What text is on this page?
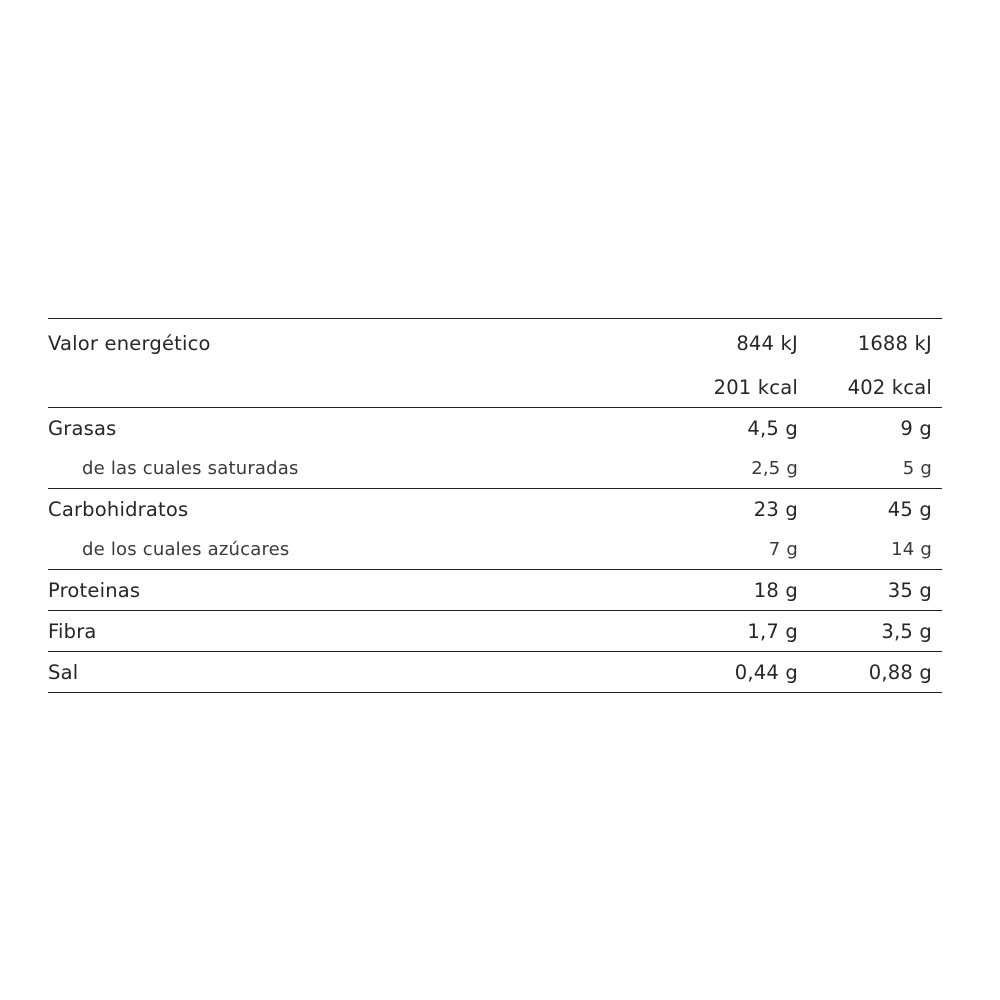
Valor energético	844 kJ	1688 kJ
	201 kcal	402 kcal
Grasas	4,5 g	9 g
de las cuales saturadas	2,5 g	5 g
Carbohidratos	23 g	45 g
de los cuales azúcares	7 g	14 g
Proteinas	18 g	35 g
Fibra	1,7 g	3,5 g
Sal	0,44 g	0,88 g
